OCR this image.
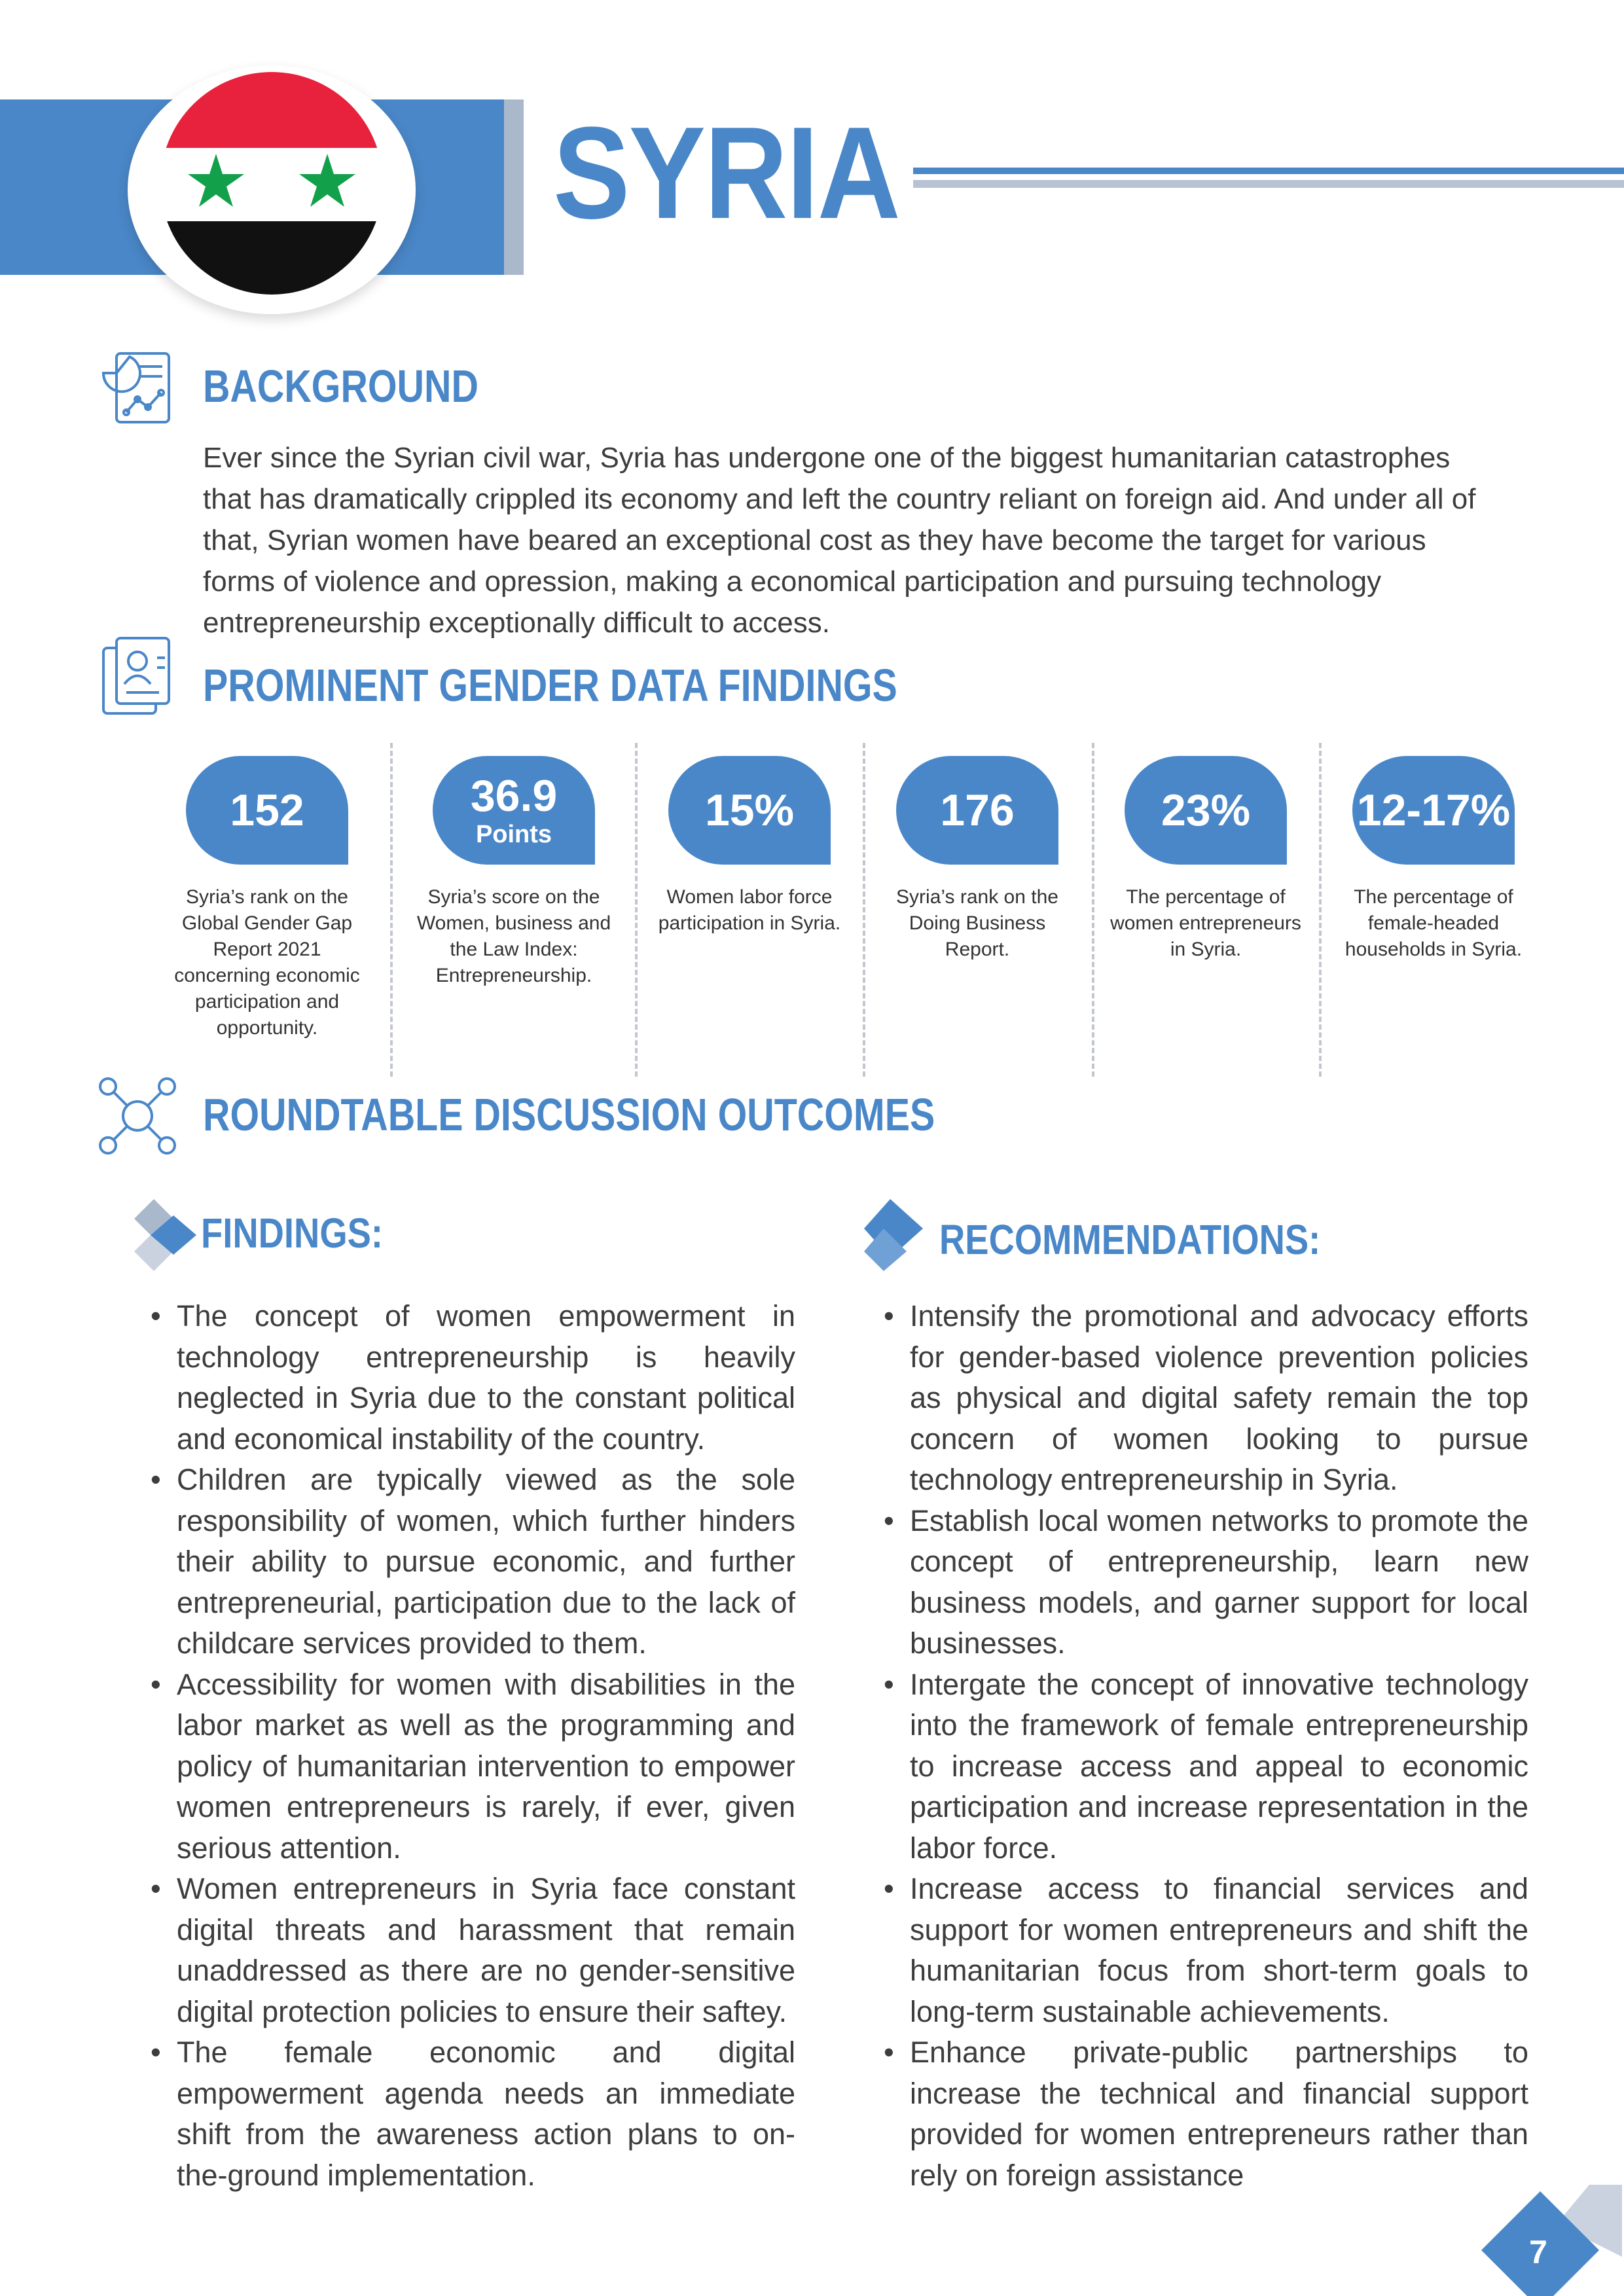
SYRIA
BACKGROUND

Ever since the Syrian civil war, Syria has undergone one of the biggest humanitarian catastrophes that has dramatically crippled its economy and left the country reliant on foreign aid. And under all of that, Syrian women have beared an exceptional cost as they have become the target for various forms of violence and opression, making a economical participation and pursuing technology entrepreneurship exceptionally difficult to access.

PROMINENT GENDER DATA FINDINGS
152
Syria’s rank on the Global Gender Gap Report 2021 concerning economic participation and opportunity.
36.9
Points
Syria’s score on the Women, business and the Law Index: Entrepreneurship.
15%
Women labor force participation in Syria.
176
Syria’s rank on the Doing Business Report.
23%
The percentage of women entrepreneurs in Syria.
12-17%
The percentage of female-headed households in Syria.
ROUNDTABLE DISCUSSION OUTCOMES
FINDINGS:
• The concept of women empowerment in technology entrepreneurship is heavily neglected in Syria due to the constant political and economical instability of the country.
• Children are typically viewed as the sole responsibility of women, which further hinders their ability to pursue economic, and further entrepreneurial, participation due to the lack of childcare services provided to them.
• Accessibility for women with disabilities in the labor market as well as the programming and policy of humanitarian intervention to empower women entrepreneurs is rarely, if ever, given serious attention.
• Women entrepreneurs in Syria face constant digital threats and harassment that remain unaddressed as there are no gender-sensitive digital protection policies to ensure their saftey.
• The female economic and digital empowerment agenda needs an immediate shift from the awareness action plans to on-the-ground implementation.
RECOMMENDATIONS:
• Intensify the promotional and advocacy efforts for gender-based violence prevention policies as physical and digital safety remain the top concern of women looking to pursue technology entrepreneurship in Syria.
• Establish local women networks to promote the concept of entrepreneurship, learn new business models, and garner support for local businesses.
• Intergate the concept of innovative technology into the framework of female entrepreneurship to increase access and appeal to economic participation and increase representation in the labor force.
• Increase access to financial services and support for women entrepreneurs and shift the humanitarian focus from short-term goals to long-term sustainable achievements.
• Enhance private-public partnerships to increase the technical and financial support provided for women entrepreneurs rather than rely on foreign assistance
7
